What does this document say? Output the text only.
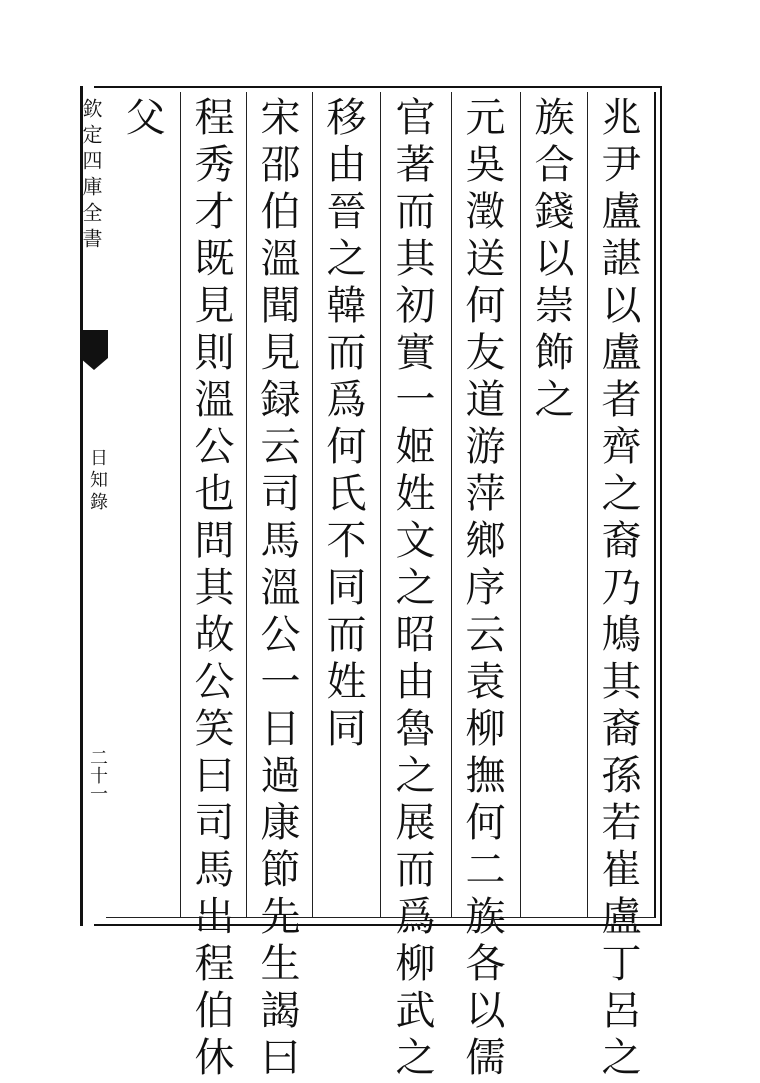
欽定四庫全書
日知錄
二十一	兆尹盧諶以盧者齊之裔乃鳩其裔孫若崔盧丁呂之
族合錢以崇飾之
元吳澂送何友道游萍鄉序云袁柳撫何二族各以儒
官著而其初實一姬姓文之昭由魯之展而爲柳武之
移由晉之韓而爲何氏不同而姓同
宋邵伯溫聞見録云司馬溫公一日過康節先生謁曰
程秀才既見則溫公也問其故公笑曰司馬出程伯休
父
